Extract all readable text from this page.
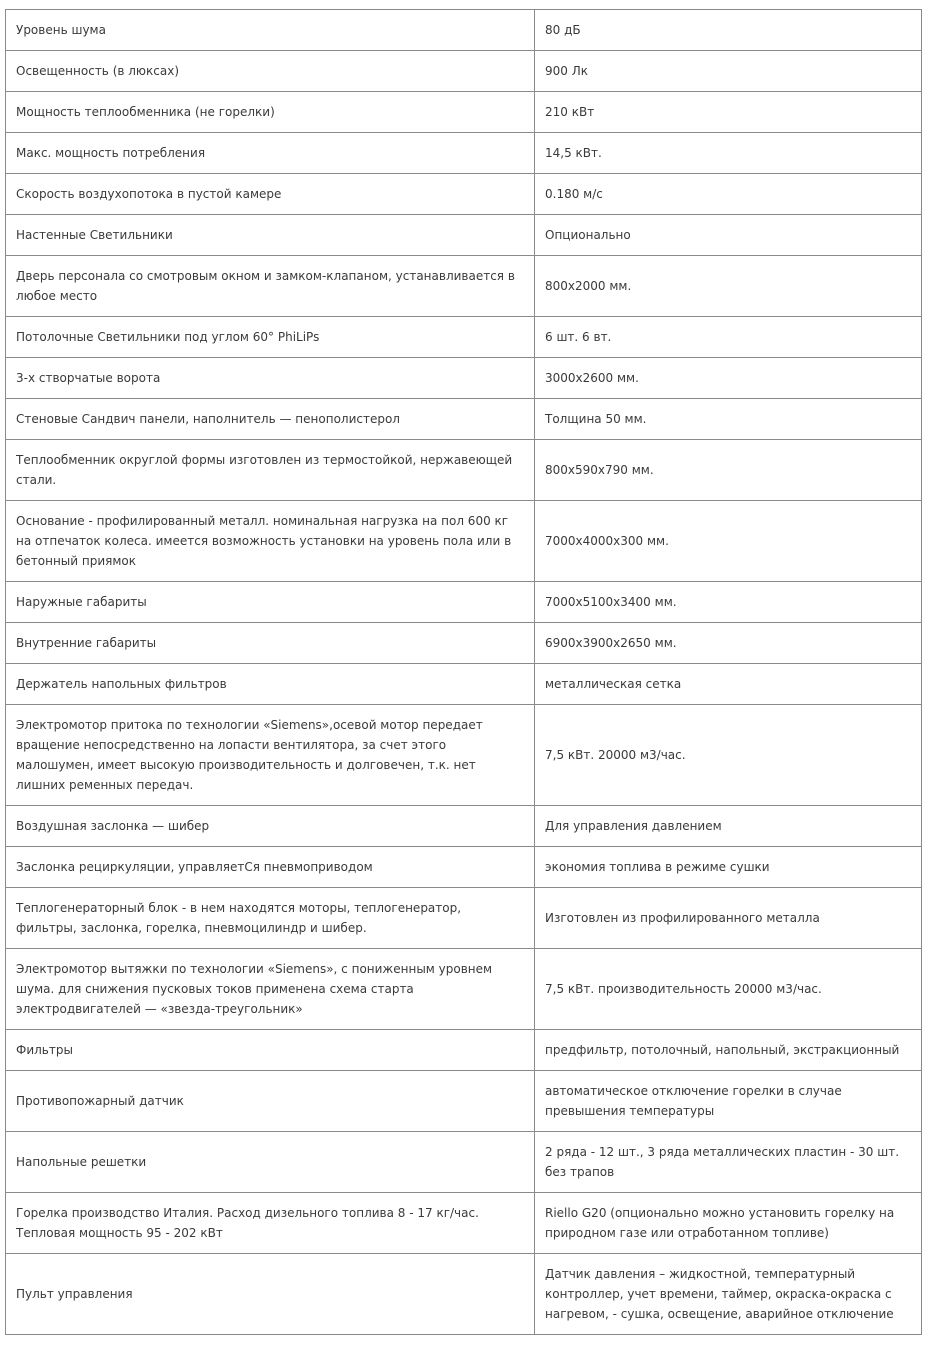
Уровень шума	80 дБ
Освещенность (в люксах)	900 Лк
Мощность теплообменника (не горелки)	210 кВт
Макс. мощность потребления	14,5 кВт.
Скорость воздухопотока в пустой камере	0.180 м/с
Настенные Светильники	Опционально
Дверь персонала со смотровым окном и замком-клапаном, устанавливается в любое место	800х2000 мм.
Потолочные Светильники под углом 60° PhiLiPs	6 шт. 6 вт.
3-х створчатые ворота	3000х2600 мм.
Стеновые Сандвич панели, наполнитель — пенополистерол	Толщина 50 мм.
Теплообменник округлой формы изготовлен из термостойкой, нержавеющей стали.	800х590х790 мм.
Основание - профилированный металл. номинальная нагрузка на пол 600 кг на отпечаток колеса. имеется возможность установки на уровень пола или в бетонный приямок	7000х4000х300 мм.
Наружные габариты	7000х5100х3400 мм.
Внутренние габариты	6900х3900х2650 мм.
Держатель напольных фильтров	металлическая сетка
Электромотор притока по технологии «Siemens»,осевой мотор передает вращение непосредственно на лопасти вентилятора, за счет этого малошумен, имеет высокую производительность и долговечен, т.к. нет лишних ременных передач.	7,5 кВт. 20000 м3/час.
Воздушная заслонка — шибер	Для управления давлением
Заслонка рециркуляции, управляетСя пневмоприводом	экономия топлива в режиме сушки
Теплогенераторный блок - в нем находятся моторы, теплогенератор, фильтры, заслонка, горелка, пневмоцилиндр и шибер.	Изготовлен из профилированного металла
Электромотор вытяжки по технологии «Siemens», с пониженным уровнем шума. для снижения пусковых токов применена схема старта электродвигателей — «звезда-треугольник»	7,5 кВт. производительность 20000 м3/час.
Фильтры	предфильтр, потолочный, напольный, экстракционный
Противопожарный датчик	автоматическое отключение горелки в случае превышения температуры
Напольные решетки	2 ряда - 12 шт., 3 ряда металлических пластин - 30 шт. без трапов
Горелка производство Италия. Расход дизельного топлива 8 - 17 кг/час. Тепловая мощность 95 - 202 кВт	Riello G20 (опционально можно установить горелку на природном газе или отработанном топливе)
Пульт управления	Датчик давления – жидкостной, температурный контроллер, учет времени, таймер, окраска-окраска с нагревом, - сушка, освещение, аварийное отключение
